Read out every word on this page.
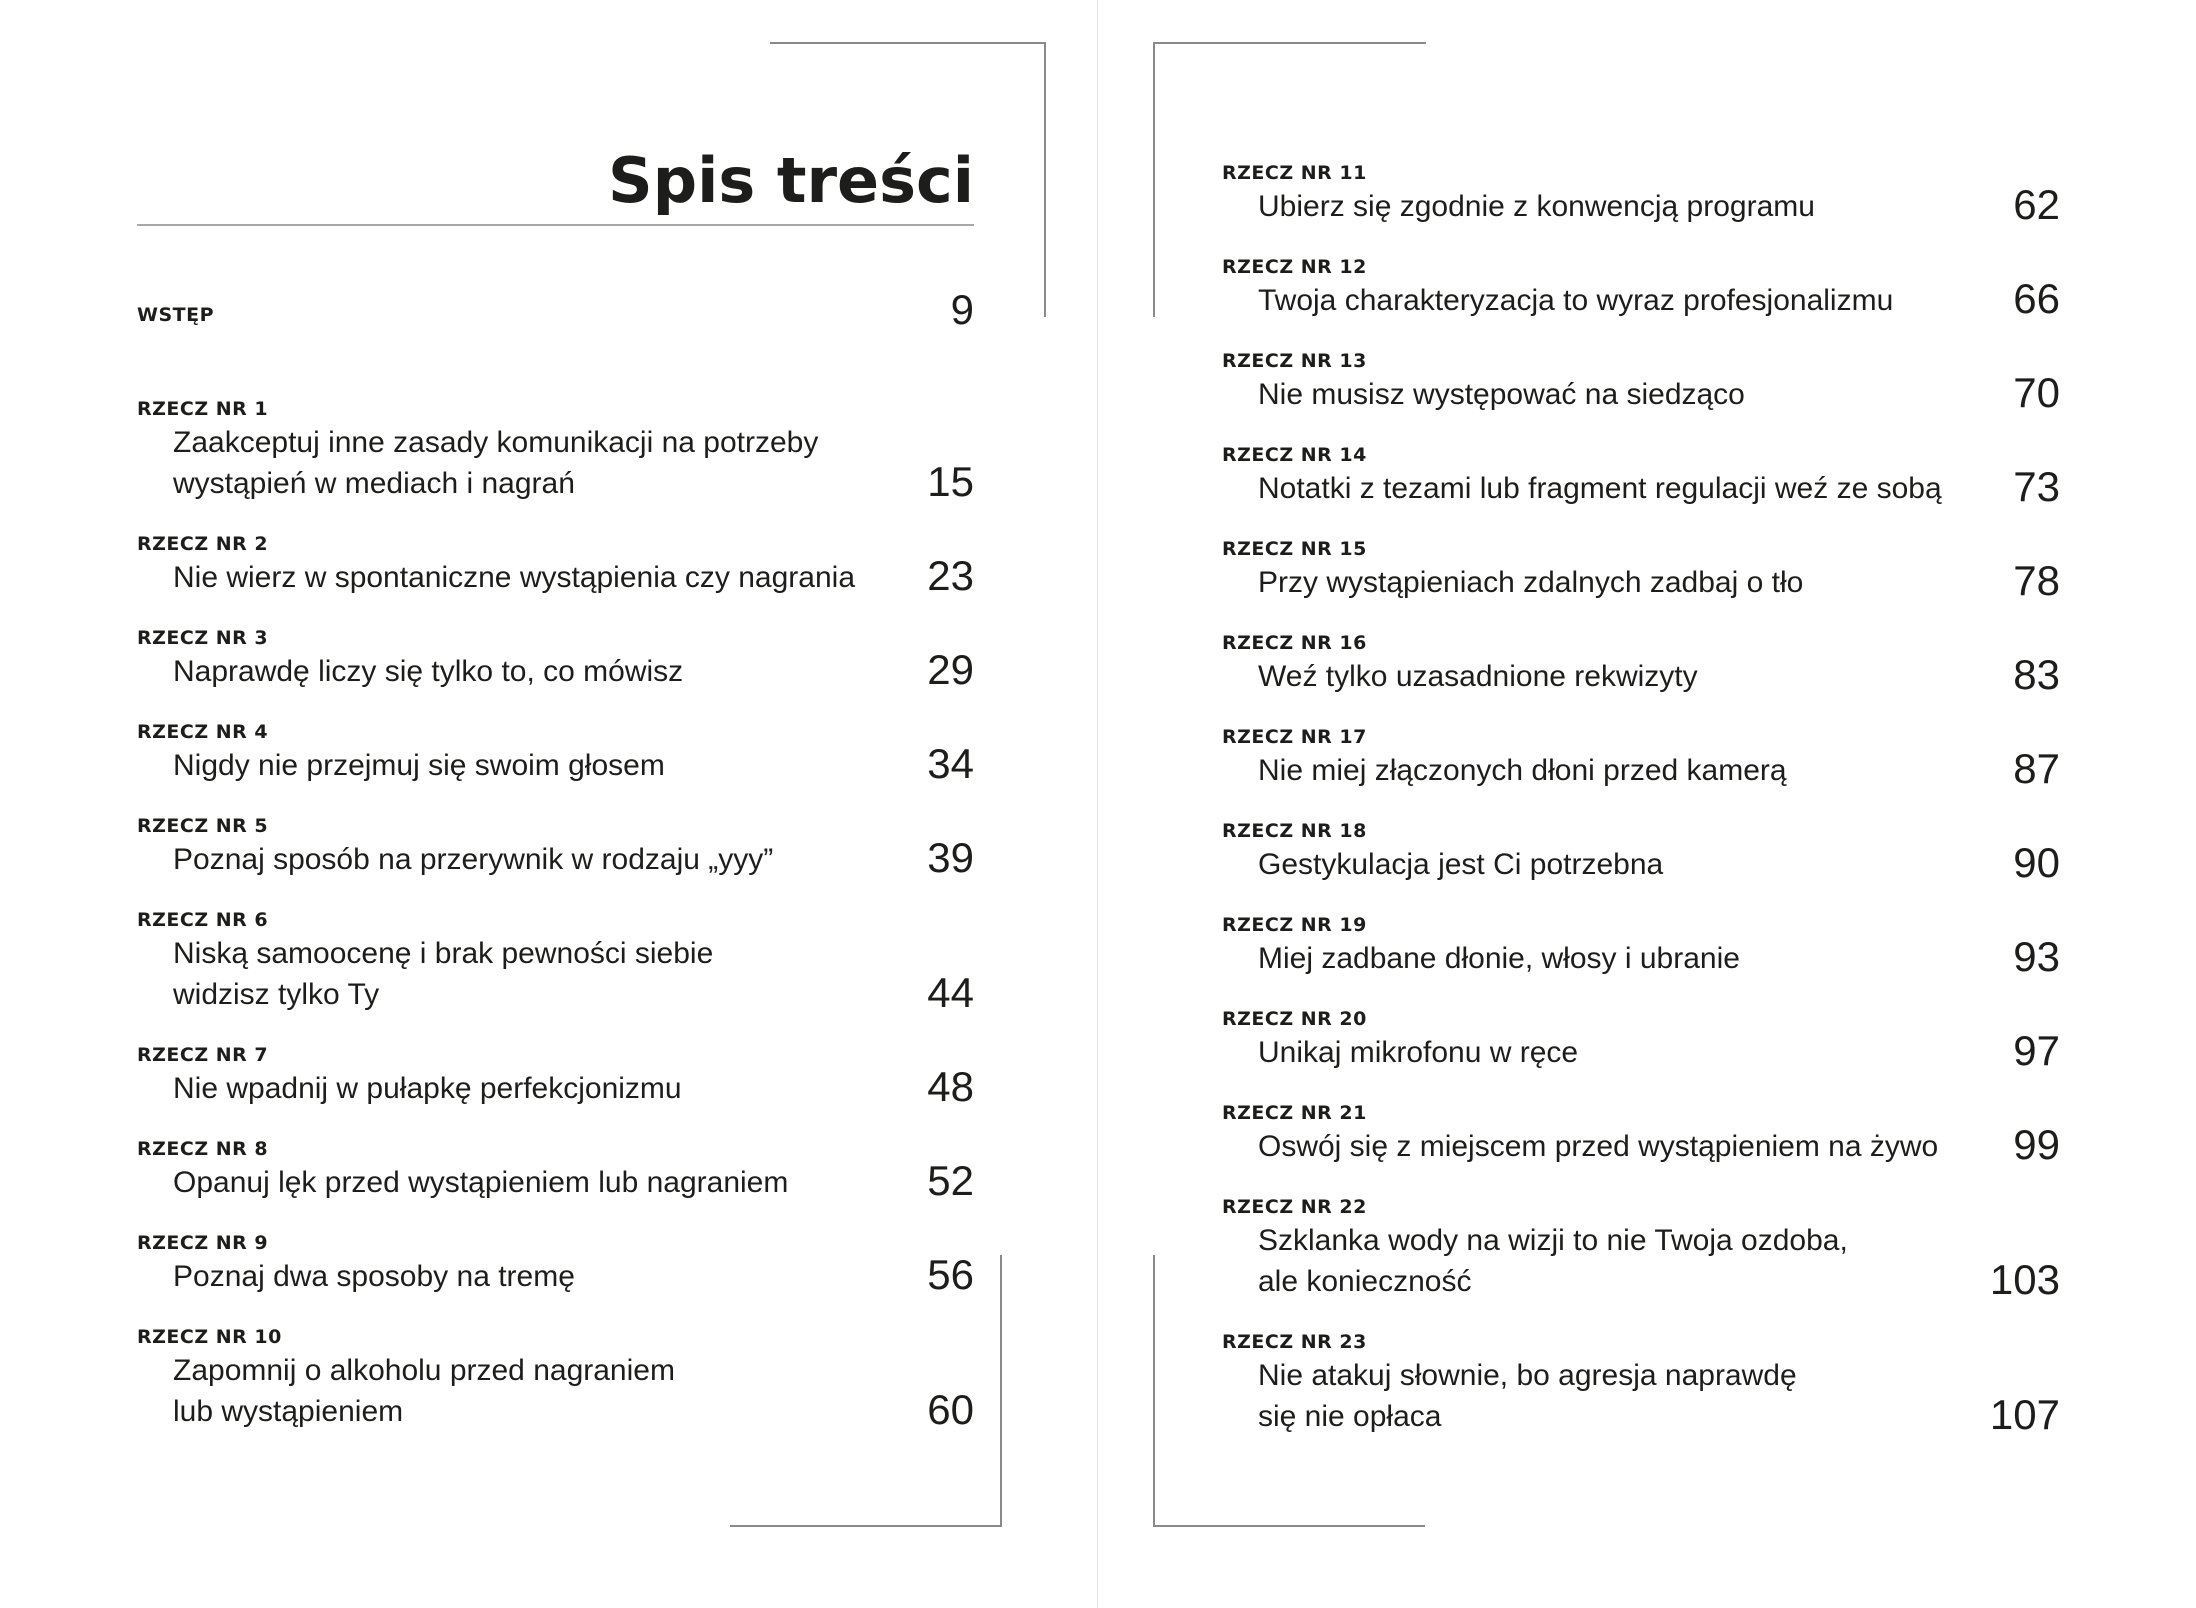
Spis treści
WSTĘP	9
RZECZ NR 1
Zaakceptuj inne zasady komunikacji na potrzeby
wystąpień w mediach i nagrań	15
RZECZ NR 2
Nie wierz w spontaniczne wystąpienia czy nagrania 23
RZECZ NR 3
Naprawdę liczy się tylko to, co mówisz	29
RZECZ NR 4
Nigdy nie przejmuj się swoim głosem	34
RZECZ NR 5
Poznaj sposób na przerywnik w rodzaju „yyy”	39
RZECZ NR 6
Niską samoocenę i brak pewności siebie
widzisz tylko Ty	44
RZECZ NR 7
Nie wpadnij w pułapkę perfekcjonizmu	48
RZECZ NR 8
Opanuj lęk przed wystąpieniem lub nagraniem	52
RZECZ NR 9
Poznaj dwa sposoby na tremę	56
RZECZ NR 10
Zapomnij o alkoholu przed nagraniem
lub wystąpieniem	60
RZECZ NR 11
Ubierz się zgodnie z konwencją programu	62
RZECZ NR 12
Twoja charakteryzacja to wyraz profesjonalizmu	66
RZECZ NR 13
Nie musisz występować na siedząco	70
RZECZ NR 14
Notatki z tezami lub fragment regulacji weź ze sobą 73
RZECZ NR 15
Przy wystąpieniach zdalnych zadbaj o tło	78
RZECZ NR 16
Weź tylko uzasadnione rekwizyty	83
RZECZ NR 17
Nie miej złączonych dłoni przed kamerą	87
RZECZ NR 18
Gestykulacja jest Ci potrzebna	90
RZECZ NR 19
Miej zadbane dłonie, włosy i ubranie	93
RZECZ NR 20
Unikaj mikrofonu w ręce	97
RZECZ NR 21
Oswój się z miejscem przed wystąpieniem na żywo 99
RZECZ NR 22
Szklanka wody na wizji to nie Twoja ozdoba,
ale konieczność	103
RZECZ NR 23
Nie atakuj słownie, bo agresja naprawdę
się nie opłaca	107
